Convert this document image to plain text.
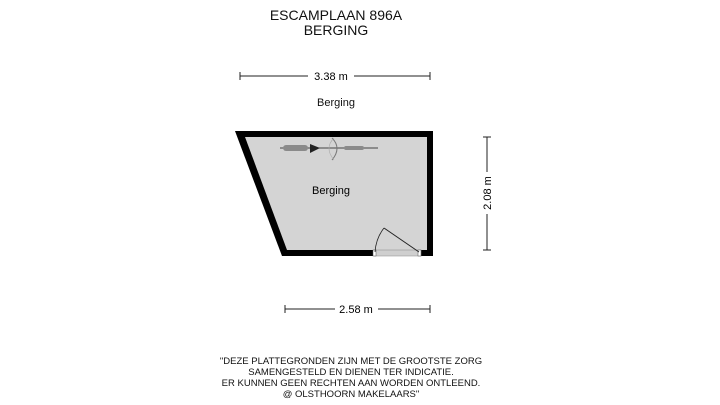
ESCAMPLAAN 896A
BERGING
Berging
3.38 m
2.08 m
2.58 m
Berging
"DEZE PLATTEGRONDEN ZIJN MET DE GROOTSTE ZORG
SAMENGESTELD EN DIENEN TER INDICATIE.
ER KUNNEN GEEN RECHTEN AAN WORDEN ONTLEEND.
@ OLSTHOORN MAKELAARS"
